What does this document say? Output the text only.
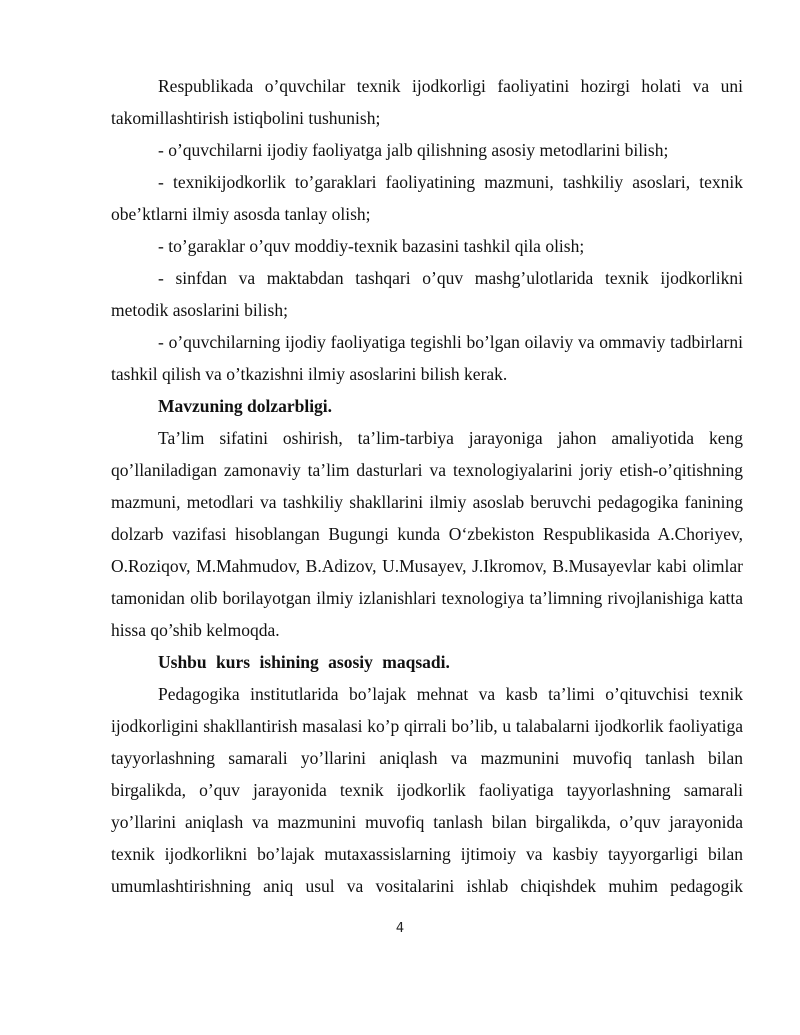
Respublikada o’quvchilar texnik ijodkorligi faoliyatini hozirgi holati va uni takomillashtirish istiqbolini tushunish;

- o’quvchilarni ijodiy faoliyatga jalb qilishning asosiy metodlarini bilish;

- texnikijodkorlik to’garaklari faoliyatining mazmuni, tashkiliy asoslari, texnik obe’ktlarni ilmiy asosda tanlay olish;

- to’garaklar o’quv moddiy-texnik bazasini tashkil qila olish;

- sinfdan va maktabdan tashqari o’quv mashg’ulotlarida texnik ijodkorlikni metodik asoslarini bilish;

- o’quvchilarning ijodiy faoliyatiga tegishli bo’lgan oilaviy va ommaviy tadbirlarni tashkil qilish va o’tkazishni ilmiy asoslarini bilish kerak.

Mavzuning dolzarbligi.

Ta’lim sifatini oshirish, ta’lim-tarbiya jarayoniga jahon amaliyotida keng qo’llaniladigan zamonaviy ta’lim dasturlari va texnologiyalarini joriy etish-o’qitishning mazmuni, metodlari va tashkiliy shakllarini ilmiy asoslab beruvchi pedagogika fanining dolzarb vazifasi hisoblangan Bugungi kunda O‘zbekiston Respublikasida A.Choriyev, O.Roziqov, M.Mahmudov, B.Adizov, U.Musayev, J.Ikromov, B.Musayevlar kabi olimlar tamonidan olib borilayotgan ilmiy izlanishlari texnologiya ta’limning rivojlanishiga katta hissa qo’shib kelmoqda.

Ushbu kurs ishining asosiy maqsadi.

Pedagogika institutlarida bo’lajak mehnat va kasb ta’limi o’qituvchisi texnik ijodkorligini shakllantirish masalasi ko’p qirrali bo’lib, u talabalarni ijodkorlik faoliyatiga tayyorlashning samarali yo’llarini aniqlash va mazmunini muvofiq tanlash bilan birgalikda, o’quv jarayonida texnik ijodkorlik faoliyatiga tayyorlashning samarali yo’llarini aniqlash va mazmunini muvofiq tanlash bilan birgalikda, o’quv jarayonida texnik ijodkorlikni bo’lajak mutaxassislarning ijtimoiy va kasbiy tayyorgarligi bilan umumlashtirishning aniq usul va vositalarini ishlab chiqishdek muhim pedagogik

4
